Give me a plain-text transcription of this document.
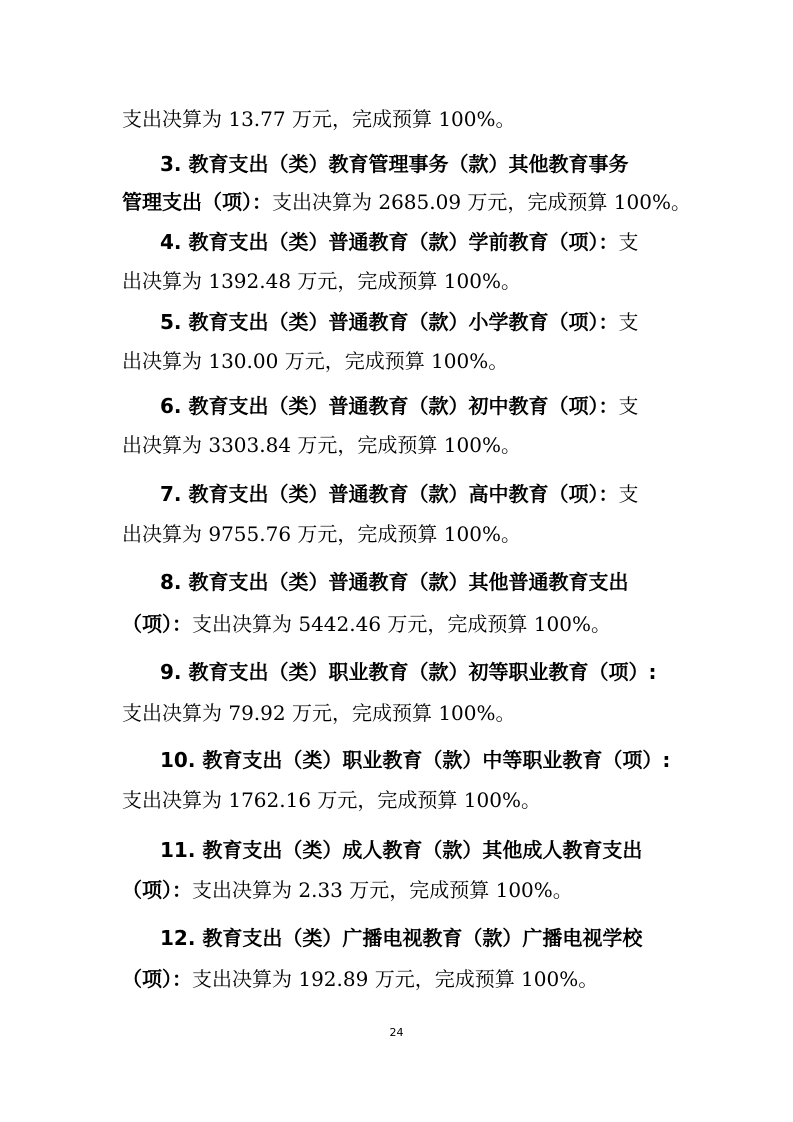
支出决算为 13.77 万元，完成预算 100%。
3. 教育支出（类）教育管理事务（款）其他教育事务
管理支出（项）：支出决算为 2685.09 万元，完成预算 100%。
4. 教育支出（类）普通教育（款）学前教育（项）：支
出决算为 1392.48 万元，完成预算 100%。
5. 教育支出（类）普通教育（款）小学教育（项）：支
出决算为 130.00 万元，完成预算 100%。
6. 教育支出（类）普通教育（款）初中教育（项）：支
出决算为 3303.84 万元，完成预算 100%。
7. 教育支出（类）普通教育（款）高中教育（项）：支
出决算为 9755.76 万元，完成预算 100%。
8. 教育支出（类）普通教育（款）其他普通教育支出
（项）：支出决算为 5442.46 万元，完成预算 100%。
9. 教育支出（类）职业教育（款）初等职业教育（项）:
支出决算为 79.92 万元，完成预算 100%。
10. 教育支出（类）职业教育（款）中等职业教育（项）:
支出决算为 1762.16 万元，完成预算 100%。
11. 教育支出（类）成人教育（款）其他成人教育支出
（项）：支出决算为 2.33 万元，完成预算 100%。
12. 教育支出（类）广播电视教育（款）广播电视学校
（项）：支出决算为 192.89 万元，完成预算 100%。
24
